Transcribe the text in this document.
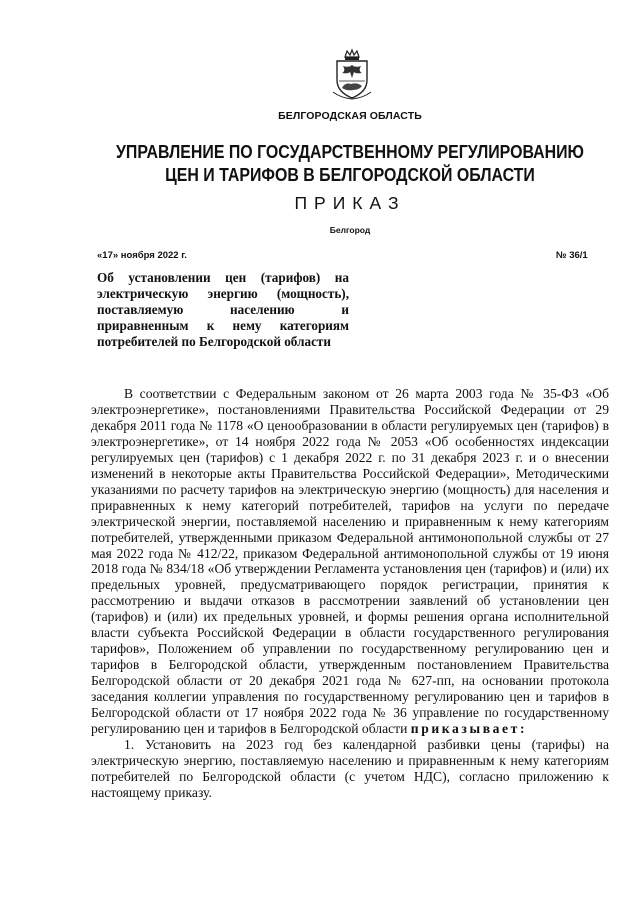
БЕЛГОРОДСКАЯ ОБЛАСТЬ
УПРАВЛЕНИЕ ПО ГОСУДАРСТВЕННОМУ РЕГУЛИРОВАНИЮ
ЦЕН И ТАРИФОВ В БЕЛГОРОДСКОЙ ОБЛАСТИ
ПРИКАЗ
Белгород
«17» ноября 2022 г.	№ 36/1
Об установлении цен (тарифов) на электрическую энергию (мощность), поставляемую населению и приравненным к нему категориям потребителей по Белгородской области

В соответствии с Федеральным законом от 26 марта 2003 года № 35-ФЗ «Об электроэнергетике», постановлениями Правительства Российской Федерации от 29 декабря 2011 года № 1178 «О ценообразовании в области регулируемых цен (тарифов) в электроэнергетике», от 14 ноября 2022 года № 2053 «Об особенностях индексации регулируемых цен (тарифов) с 1 декабря 2022 г. по 31 декабря 2023 г. и о внесении изменений в некоторые акты Правительства Российской Федерации», Методическими указаниями по расчету тарифов на электрическую энергию (мощность) для населения и приравненных к нему категорий потребителей, тарифов на услуги по передаче электрической энергии, поставляемой населению и приравненным к нему категориям потребителей, утвержденными приказом Федеральной антимонопольной службы от 27 мая 2022 года № 412/22, приказом Федеральной антимонопольной службы от 19 июня 2018 года № 834/18 «Об утверждении Регламента установления цен (тарифов) и (или) их предельных уровней, предусматривающего порядок регистрации, принятия к рассмотрению и выдачи отказов в рассмотрении заявлений об установлении цен (тарифов) и (или) их предельных уровней, и формы решения органа исполнительной власти субъекта Российской Федерации в области государственного регулирования тарифов», Положением об управлении по государственному регулированию цен и тарифов в Белгородской области, утвержденным постановлением Правительства Белгородской области от 20 декабря 2021 года № 627-пп, на основании протокола заседания коллегии управления по государственному регулированию цен и тарифов в Белгородской области от 17 ноября 2022 года № 36 управление по государственному регулированию цен и тарифов в Белгородской области приказывает:

1. Установить на 2023 год без календарной разбивки цены (тарифы) на электрическую энергию, поставляемую населению и приравненным к нему категориям потребителей по Белгородской области (с учетом НДС), согласно приложению к настоящему приказу.
